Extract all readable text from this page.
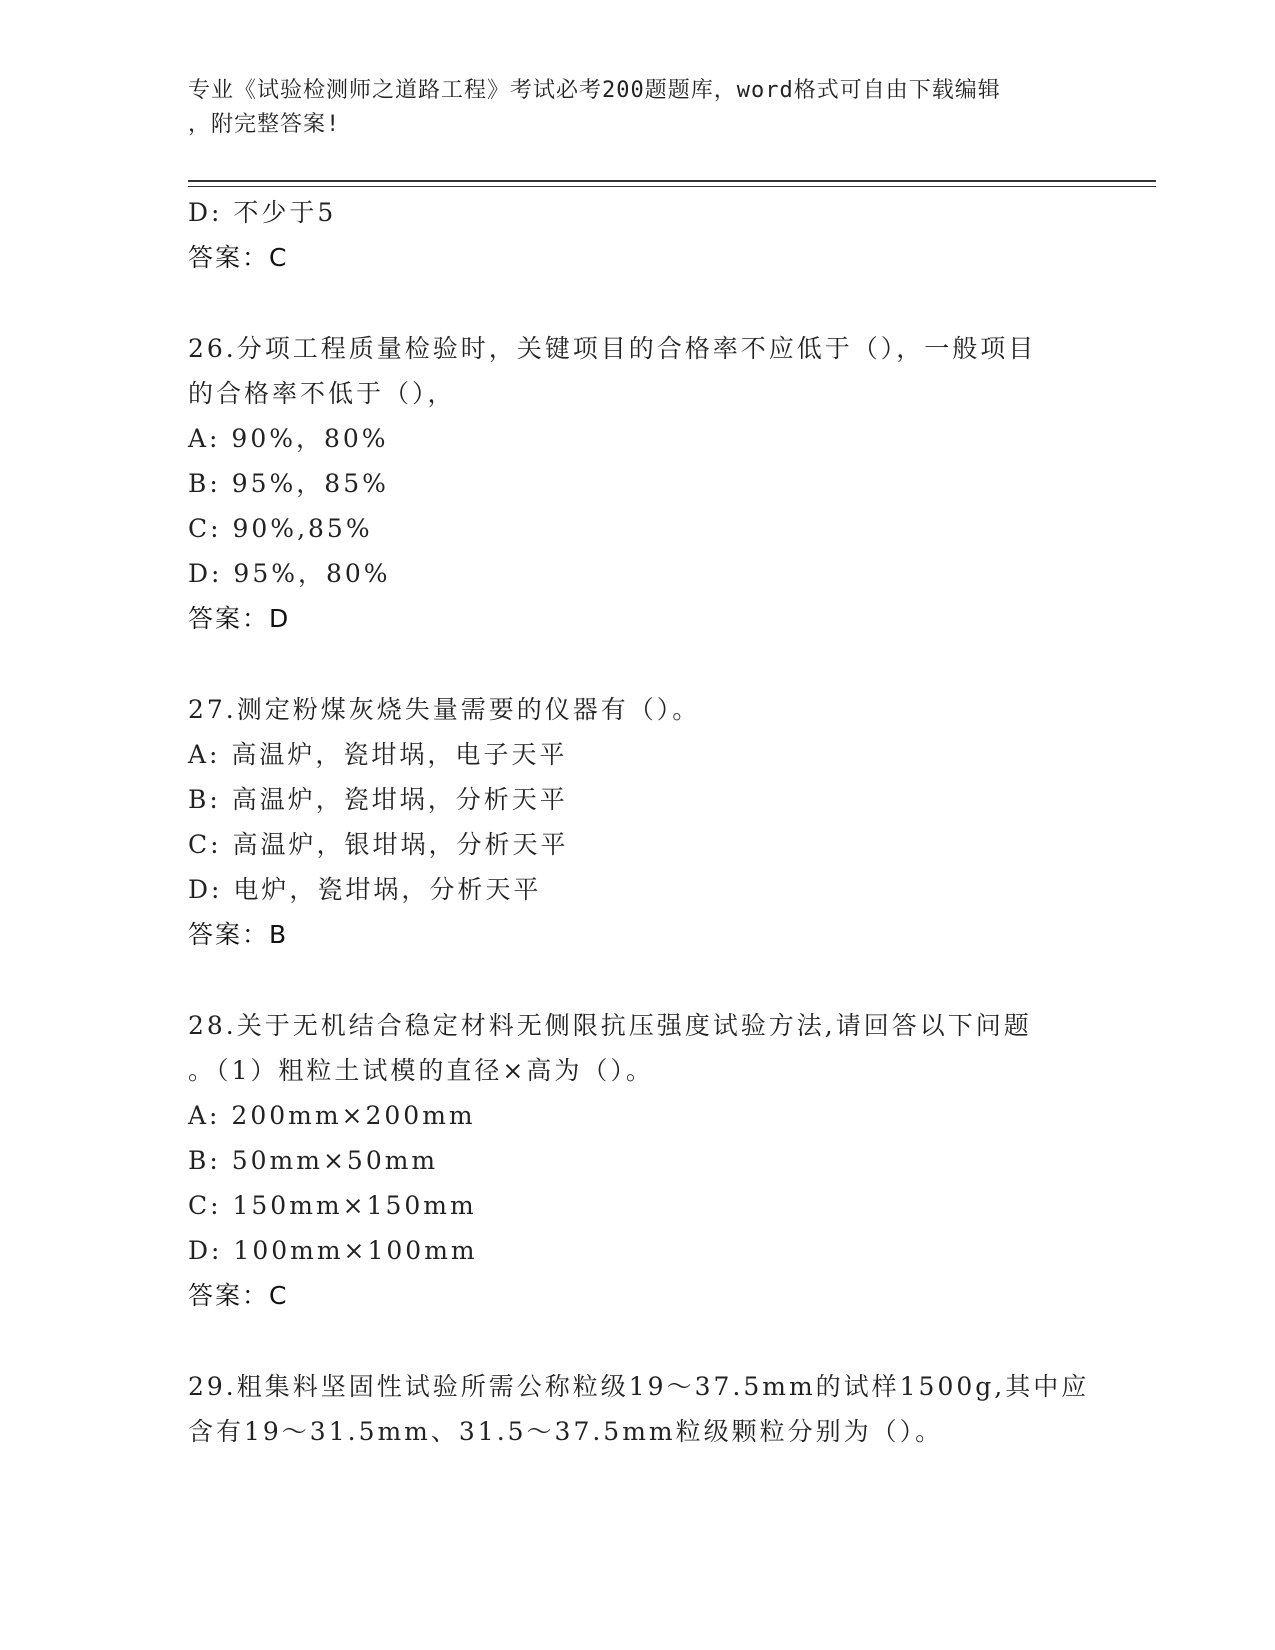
专业《试验检测师之道路工程》考试必考200题题库，word格式可自由下载编辑
，附完整答案!
D: 不少于5
答案：C
26.分项工程质量检验时，关键项目的合格率不应低于（），一般项目
的合格率不低于（），
A: 90%，80%
B: 95%，85%
C: 90%,85%
D: 95%，80%
答案：D
27.测定粉煤灰烧失量需要的仪器有（）。
A: 高温炉，瓷坩埚，电子天平
B: 高温炉，瓷坩埚，分析天平
C: 高温炉，银坩埚，分析天平
D: 电炉，瓷坩埚，分析天平
答案：B
28.关于无机结合稳定材料无侧限抗压强度试验方法,请回答以下问题
。（1）粗粒土试模的直径×高为（）。
A: 200mm×200mm
B: 50mm×50mm
C: 150mm×150mm
D: 100mm×100mm
答案：C
29.粗集料坚固性试验所需公称粒级19～37.5mm的试样1500g,其中应
含有19～31.5mm、31.5～37.5mm粒级颗粒分别为（）。
